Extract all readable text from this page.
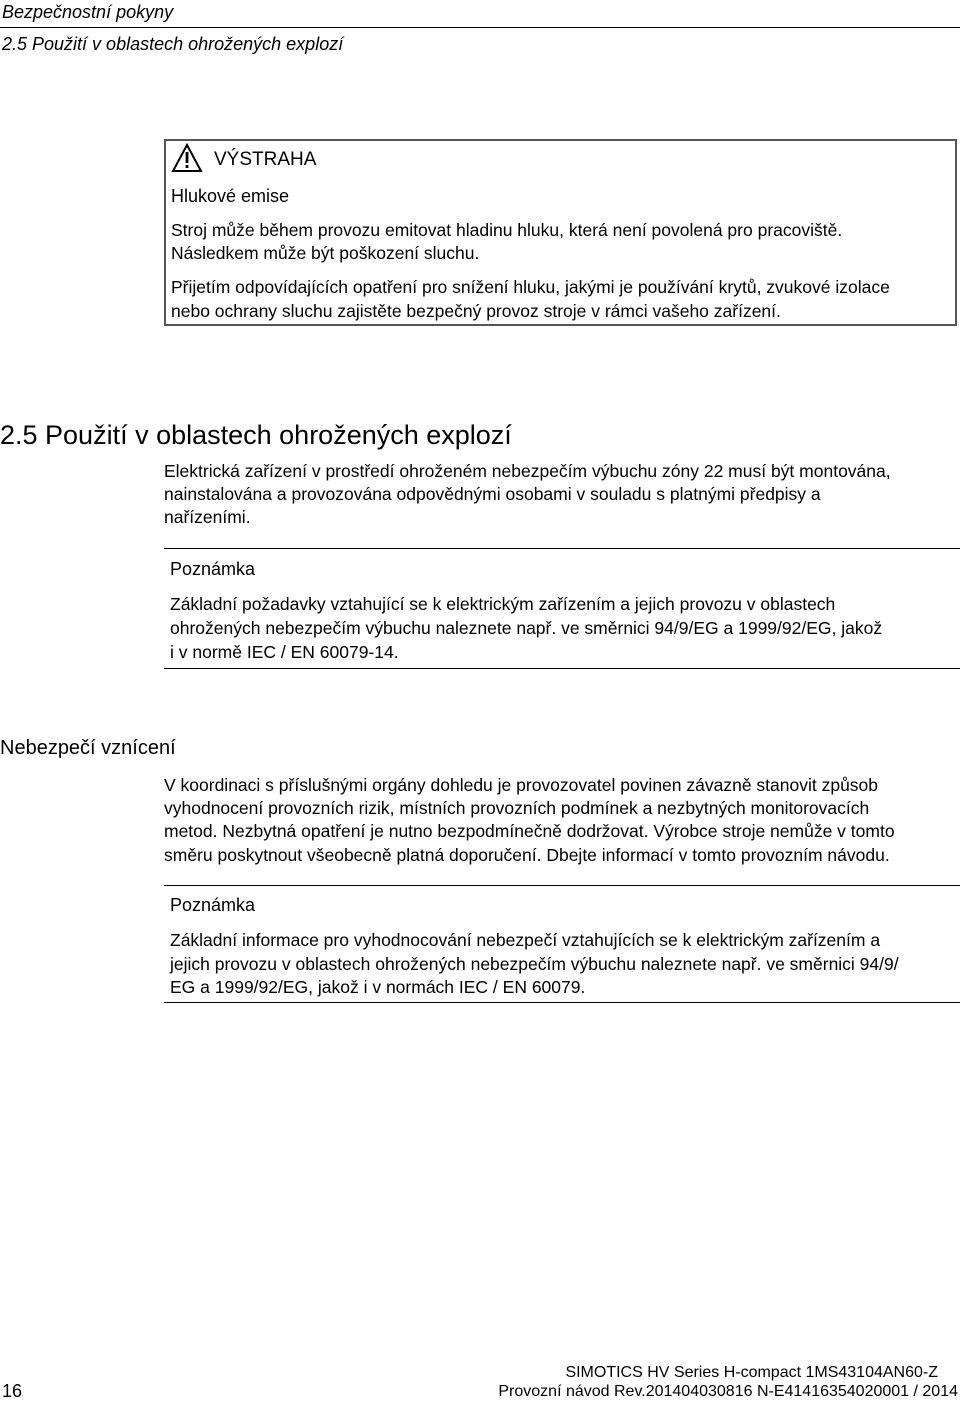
Bezpečnostní pokyny
2.5 Použití v oblastech ohrožených explozí
VÝSTRAHA
Hlukové emise
Stroj může během provozu emitovat hladinu hluku, která není povolená pro pracoviště.
Následkem může být poškození sluchu.
Přijetím odpovídajících opatření pro snížení hluku, jakými je používání krytů, zvukové izolace
nebo ochrany sluchu zajistěte bezpečný provoz stroje v rámci vašeho zařízení.
2.5 Použití v oblastech ohrožených explozí
Elektrická zařízení v prostředí ohroženém nebezpečím výbuchu zóny 22 musí být montována,
nainstalována a provozována odpovědnými osobami v souladu s platnými předpisy a
nařízeními.
Poznámka
Základní požadavky vztahující se k elektrickým zařízením a jejich provozu v oblastech
ohrožených nebezpečím výbuchu naleznete např. ve směrnici 94/9/EG a 1999/92/EG, jakož
i v normě IEC / EN 60079-14.
Nebezpečí vznícení
V koordinaci s příslušnými orgány dohledu je provozovatel povinen závazně stanovit způsob
vyhodnocení provozních rizik, místních provozních podmínek a nezbytných monitorovacích
metod. Nezbytná opatření je nutno bezpodmínečně dodržovat. Výrobce stroje nemůže v tomto
směru poskytnout všeobecně platná doporučení. Dbejte informací v tomto provozním návodu.
Poznámka
Základní informace pro vyhodnocování nebezpečí vztahujících se k elektrickým zařízením a
jejich provozu v oblastech ohrožených nebezpečím výbuchu naleznete např. ve směrnici 94/9/
EG a 1999/92/EG, jakož i v normách IEC / EN 60079.
16
SIMOTICS HV Series H-compact 1MS43104AN60-Z
Provozní návod Rev.201404030816 N-E41416354020001 / 2014
